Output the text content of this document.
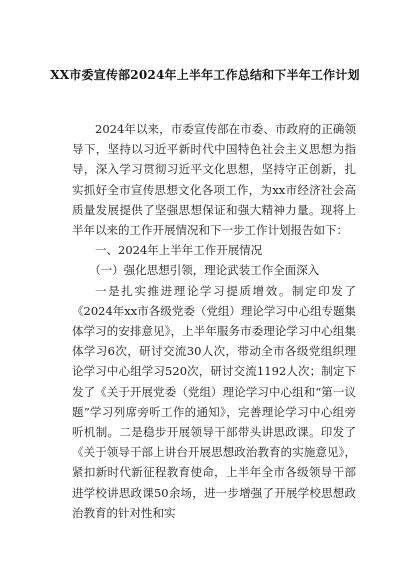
XX市委宣传部2024年上半年工作总结和下半年工作计划

2024年以来，市委宣传部在市委、市政府的正确领导下，坚持以习近平新时代中国特色社会主义思想为指导，深入学习贯彻习近平文化思想，坚持守正创新，扎实抓好全市宣传思想文化各项工作，为xx市经济社会高质量发展提供了坚强思想保证和强大精神力量。现将上半年以来的工作开展情况和下一步工作计划报告如下：

一、2024年上半年工作开展情况

（一）强化思想引领，理论武装工作全面深入

一是扎实推进理论学习提质增效。制定印发了《2024年xx市各级党委（党组）理论学习中心组专题集体学习的安排意见》，上半年服务市委理论学习中心组集体学习6次，研讨交流30人次，带动全市各级党组织理论学习中心组学习520次，研讨交流1192人次；制定下发了《关于开展党委（党组）理论学习中心组和“第一议题”学习列席旁听工作的通知》，完善理论学习中心组旁听机制。二是稳步开展领导干部带头讲思政课。印发了《关于领导干部上讲台开展思想政治教育的实施意见》，紧扣新时代新征程教育使命，上半年全市各级领导干部进学校讲思政课50余场，进一步增强了开展学校思想政治教育的针对性和实
